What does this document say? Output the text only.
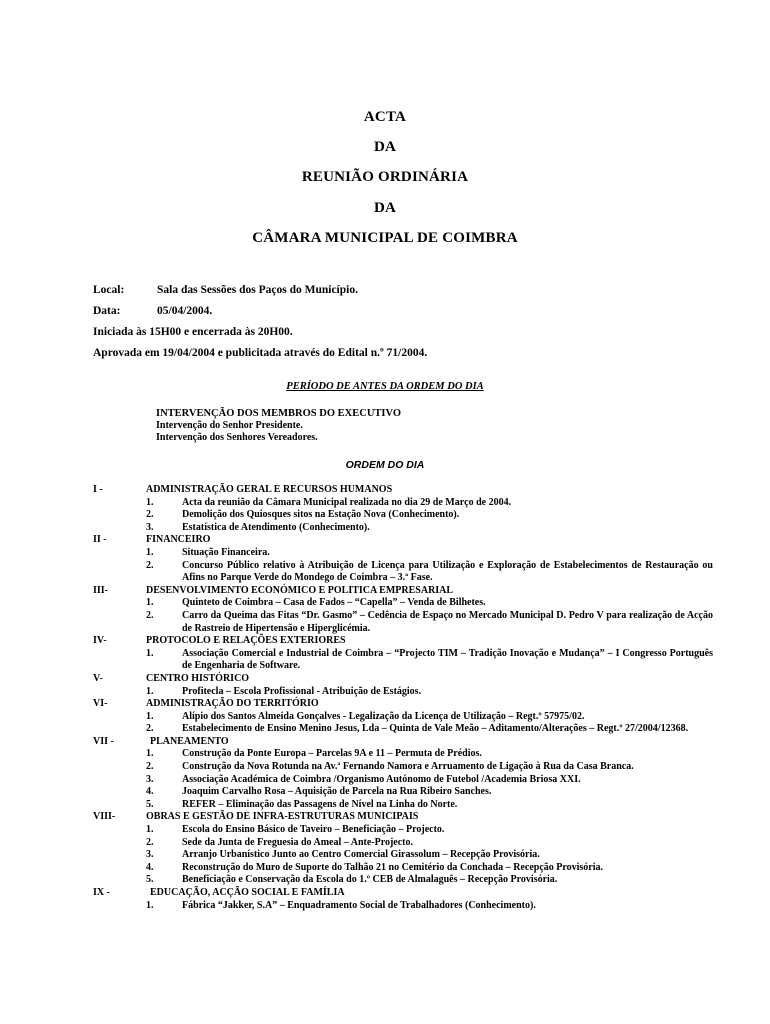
ACTA
DA
REUNIÃO ORDINÁRIA
DA
CÂMARA MUNICIPAL DE COIMBRA
Local:	Sala das Sessões dos Paços do Município.
Data:	05/04/2004.
Iniciada às 15H00 e encerrada às 20H00.
Aprovada em 19/04/2004 e publicitada através do Edital n.º 71/2004.
PERÍODO DE ANTES DA ORDEM DO DIA
INTERVENÇÃO DOS MEMBROS DO EXECUTIVO
Intervenção do Senhor Presidente.
Intervenção dos Senhores Vereadores.
ORDEM DO DIA
I -	ADMINISTRAÇÃO GERAL E RECURSOS HUMANOS
1.	Acta da reunião da Câmara Municipal realizada no dia 29 de Março de 2004.
2.	Demolição dos Quiosques sitos na Estação Nova (Conhecimento).
3.	Estatística de Atendimento (Conhecimento).
II -	FINANCEIRO
1.	Situação Financeira.
2.	Concurso Público relativo à Atribuição de Licença para Utilização e Exploração de Estabelecimentos de Restauração ou Afins no Parque Verde do Mondego de Coimbra – 3.ª Fase.
III-	DESENVOLVIMENTO ECONÓMICO E POLITICA EMPRESARIAL
1.	Quinteto de Coimbra – Casa de Fados – “Capella” – Venda de Bilhetes.
2.	Carro da Queima das Fitas “Dr. Gasmo” – Cedência de Espaço no Mercado Municipal D. Pedro V para realização de Acção de Rastreio de Hipertensão e Hiperglicémia.
IV-	PROTOCOLO E RELAÇÕES EXTERIORES
1.	Associação Comercial e Industrial de Coimbra – “Projecto TIM – Tradição Inovação e Mudança” – I Congresso Português de Engenharia de Software.
V-	CENTRO HISTÓRICO
1.	Profitecla – Escola Profissional - Atribuição de Estágios.
VI-	ADMINISTRAÇÃO DO TERRITÓRIO
1.	Alípio dos Santos Almeida Gonçalves - Legalização da Licença de Utilização – Regt.º 57975/02.
2.	Estabelecimento de Ensino Menino Jesus, Lda – Quinta de Vale Meão – Aditamento/Alterações – Regt.º 27/2004/12368.
VII -	PLANEAMENTO
1.	Construção da Ponte Europa – Parcelas 9A e 11 – Permuta de Prédios.
2.	Construção da Nova Rotunda na Av.ª Fernando Namora e Arruamento de Ligação à Rua da Casa Branca.
3.	Associação Académica de Coimbra /Organismo Autónomo de Futebol /Academia Briosa XXI.
4.	Joaquim Carvalho Rosa – Aquisição de Parcela na Rua Ribeiro Sanches.
5.	REFER – Eliminação das Passagens de Nível na Linha do Norte.
VIII-	OBRAS E GESTÃO DE INFRA-ESTRUTURAS MUNICIPAIS
1.	Escola do Ensino Básico de Taveiro – Beneficiação – Projecto.
2.	Sede da Junta de Freguesia do Ameal – Ante-Projecto.
3.	Arranjo Urbanístico Junto ao Centro Comercial Girassolum – Recepção Provisória.
4.	Reconstrução do Muro de Suporte do Talhão 21 no Cemitério da Conchada – Recepção Provisória.
5.	Beneficiação e Conservação da Escola do 1.º CEB de Almalaguês – Recepção Provisória.
IX -	EDUCAÇÃO, ACÇÃO SOCIAL E FAMÍLIA
1.	Fábrica “Jakker, S.A” – Enquadramento Social de Trabalhadores (Conhecimento).
